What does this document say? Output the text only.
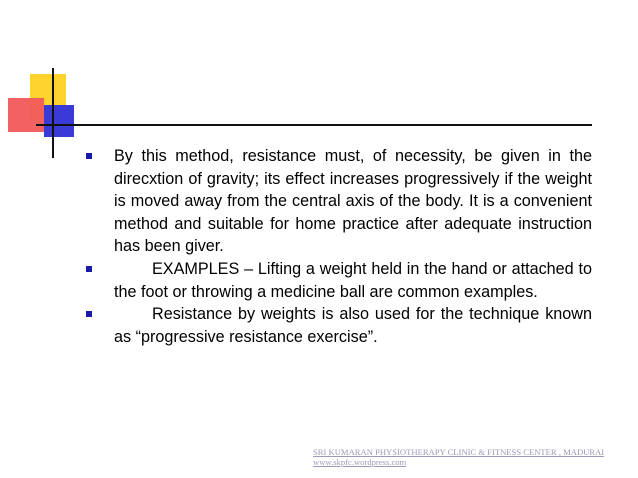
By this method, resistance must, of necessity, be given in the direcxtion of gravity; its effect increases progressively if the weight is moved away from the central axis of the body. It is a convenient method and suitable for home practice after adequate instruction has been giver.

EXAMPLES – Lifting a weight held in the hand or attached to the foot or throwing a medicine ball are common examples.

Resistance by weights is also used for the technique known as “progressive resistance exercise”.

SRI KUMARAN PHYSIOTHERAPY CLINIC & FITNESS CENTER , MADURAI
www.skpfc.wordpress.com
